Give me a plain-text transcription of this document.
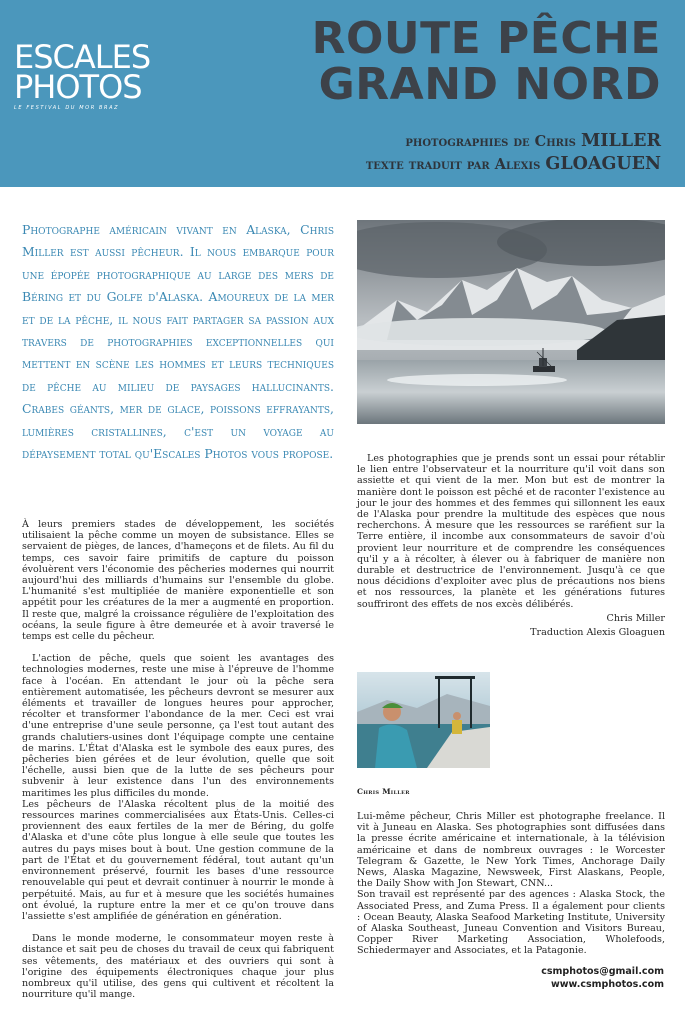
ESCALES
PHOTOS
LE FESTIVAL DU MOR BRAZ
ROUTE PÊCHE
GRAND NORD
photographies de Chris MILLER
texte traduit par Alexis GLOAGUEN
Photographe américain vivant en Alaska, Chris Miller est aussi pêcheur. Il nous embarque pour une épopée photographique au large des mers de Béring et du Golfe d'Alaska. Amoureux de la mer et de la pêche, il nous fait partager sa passion aux travers de photographies exceptionnelles qui mettent en scène les hommes et leurs techniques de pêche au milieu de paysages hallucinants. Crabes géants, mer de glace, poissons effrayants, lumières cristallines, c'est un voyage au dépaysement total qu'Escales Photos vous propose.

À leurs premiers stades de développement, les sociétés utilisaient la pêche comme un moyen de subsistance. Elles se servaient de pièges, de lances, d'hameçons et de filets. Au fil du temps, ces savoir faire primitifs de capture du poisson évoluèrent vers l'économie des pêcheries modernes qui nourrit aujourd'hui des milliards d'humains sur l'ensemble du globe. L'humanité s'est multipliée de manière exponentielle et son appétit pour les créatures de la mer a augmenté en proportion. Il reste que, malgré la croissance régulière de l'exploitation des océans, la seule figure à être demeurée et à avoir traversé le temps est celle du pêcheur.

L'action de pêche, quels que soient les avantages des technologies modernes, reste une mise à l'épreuve de l'homme face à l'océan. En attendant le jour où la pêche sera entièrement automatisée, les pêcheurs devront se mesurer aux éléments et travailler de longues heures pour approcher, récolter et transformer l'abondance de la mer. Ceci est vrai d'une entreprise d'une seule personne, ça l'est tout autant des grands chalutiers-usines dont l'équipage compte une centaine de marins. L'État d'Alaska est le symbole des eaux pures, des pêcheries bien gérées et de leur évolution, quelle que soit l'échelle, aussi bien que de la lutte de ses pêcheurs pour subvenir à leur existence dans l'un des environnements maritimes les plus difficiles du monde.

Les pêcheurs de l'Alaska récoltent plus de la moitié des ressources marines commercialisées aux États-Unis. Celles-ci proviennent des eaux fertiles de la mer de Béring, du golfe d'Alaska et d'une côte plus longue à elle seule que toutes les autres du pays mises bout à bout. Une gestion commune de la part de l'État et du gouvernement fédéral, tout autant qu'un environnement préservé, fournit les bases d'une ressource renouvelable qui peut et devrait continuer à nourrir le monde à perpétuité. Mais, au fur et à mesure que les sociétés humaines ont évolué, la rupture entre la mer et ce qu'on trouve dans l'assiette s'est amplifiée de génération en génération.

Dans le monde moderne, le consommateur moyen reste à distance et sait peu de choses du travail de ceux qui fabriquent ses vêtements, des matériaux et des ouvriers qui sont à l'origine des équipements électroniques chaque jour plus nombreux qu'il utilise, des gens qui cultivent et récoltent la nourriture qu'il mange.

Les photographies que je prends sont un essai pour rétablir le lien entre l'observateur et la nourriture qu'il voit dans son assiette et qui vient de la mer. Mon but est de montrer la manière dont le poisson est pêché et de raconter l'existence au jour le jour des hommes et des femmes qui sillonnent les eaux de l'Alaska pour prendre la multitude des espèces que nous recherchons. À mesure que les ressources se raréfient sur la Terre entière, il incombe aux consommateurs de savoir d'où provient leur nourriture et de comprendre les conséquences qu'il y a à récolter, à élever ou à fabriquer de manière non durable et destructrice de l'environnement. Jusqu'à ce que nous décidions d'exploiter avec plus de précautions nos biens et nos ressources, la planète et les générations futures souffriront des effets de nos excès délibérés.

Chris Miller
Traduction Alexis Gloaguen
Chris Miller

Lui-même pêcheur, Chris Miller est photographe freelance. Il vit à Juneau en Alaska. Ses photographies sont diffusées dans la presse écrite américaine et internationale, à la télévision américaine et dans de nombreux ouvrages : le Worcester Telegram & Gazette, le New York Times, Anchorage Daily News, Alaska Magazine, Newsweek, First Alaskans, People, the Daily Show with Jon Stewart, CNN...

Son travail est représenté par des agences : Alaska Stock, the Associated Press, and Zuma Press. Il a également pour clients : Ocean Beauty, Alaska Seafood Marketing Institute, University of Alaska Southeast, Juneau Convention and Visitors Bureau, Copper River Marketing Association, Wholefoods, Schiedermayer and Associates, et la Patagonie.

csmphotos@gmail.com
www.csmphotos.com
